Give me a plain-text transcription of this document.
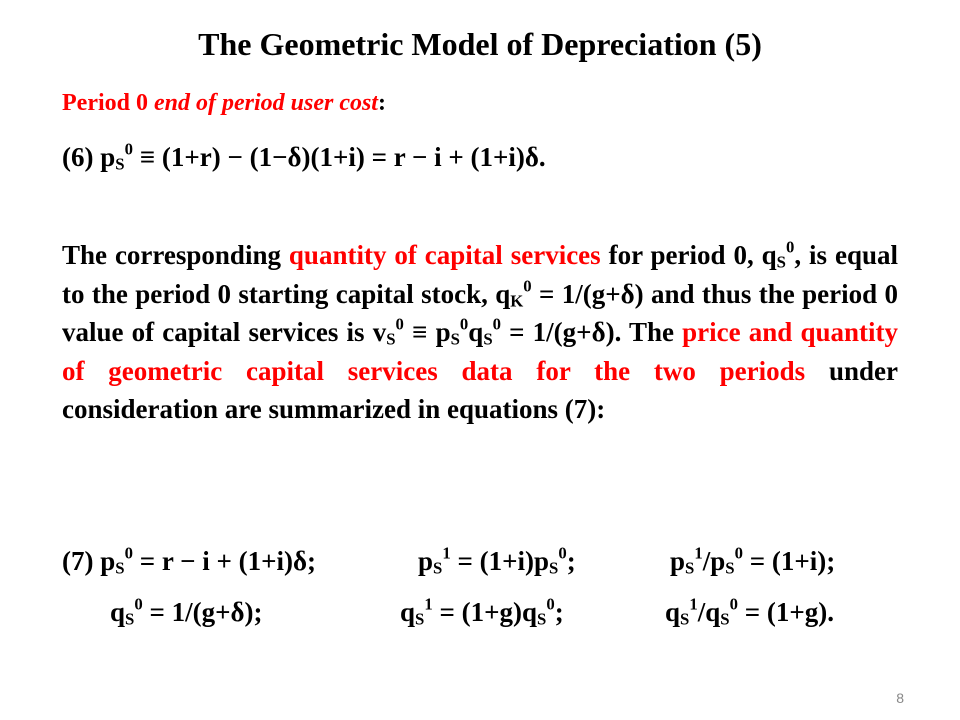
The Geometric Model of Depreciation (5)
Period 0 end of period user cost:
(6) $p_S^0 \equiv (1+r) - (1-\delta)(1+i) = r - i + (1+i)\delta$.
The corresponding quantity of capital services for period 0, $q_S^0$, is equal to the period 0 starting capital stock, $q_K^0 = 1/(g+\delta)$ and thus the period 0 value of capital services is $v_S^0 \equiv p_S^0q_S^0 = 1/(g+\delta)$. The price and quantity of geometric capital services data for the two periods under consideration are summarized in equations (7):
(7) $p_S^0 = r - i + (1+i)\delta$;	$p_S^1 = (1+i)p_S^0$;	$p_S^1/p_S^0 = (1+i)$;
$q_S^0 = 1/(g+\delta)$;	$q_S^1 = (1+g)q_S^0$;	$q_S^1/q_S^0 = (1+g)$.
8
